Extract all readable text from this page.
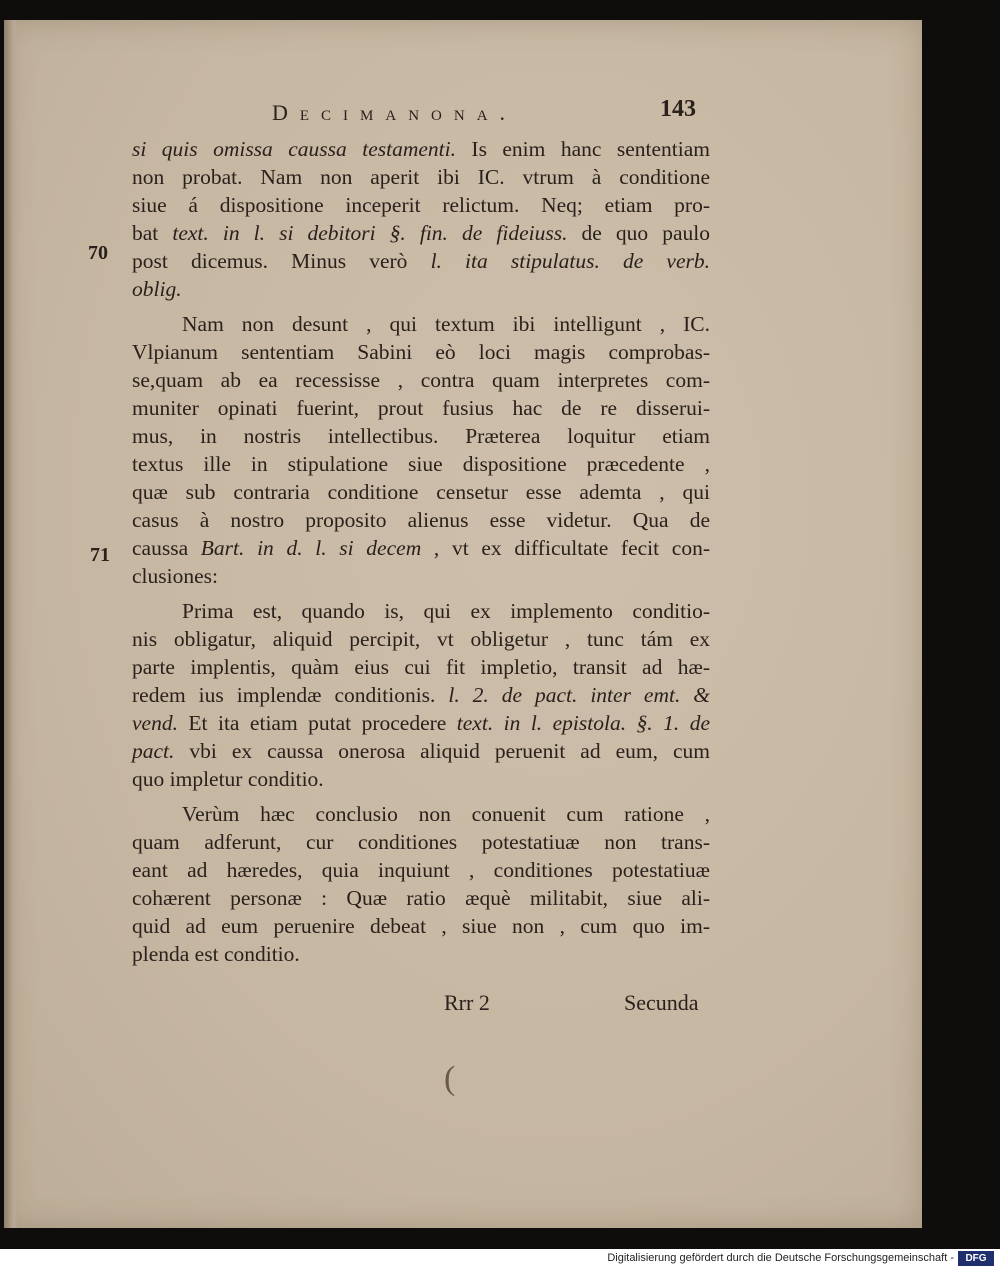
Decimanona.	143
70
71
si quis omissa caussa testamenti. Is enim hanc sententiam
non probat. Nam non aperit ibi IC. vtrum à conditione
siue á dispositione inceperit relictum. Neq; etiam pro-
bat text. in l. si debitori §. fin. de fideiuss. de quo paulo
post dicemus. Minus verò l. ita stipulatus. de verb.
oblig.
Nam non desunt , qui textum ibi intelligunt , IC.
Vlpianum sententiam Sabini eò loci magis comprobas-
se,quam ab ea recessisse , contra quam interpretes com-
muniter opinati fuerint, prout fusius hac de re disserui-
mus, in nostris intellectibus. Præterea loquitur etiam
textus ille in stipulatione siue dispositione præcedente ,
quæ sub contraria conditione censetur esse ademta , qui
casus à nostro proposito alienus esse videtur. Qua de
caussa Bart. in d. l. si decem , vt ex difficultate fecit con-
clusiones:
Prima est, quando is, qui ex implemento conditio-
nis obligatur, aliquid percipit, vt obligetur , tunc tám ex
parte implentis, quàm eius cui fit impletio, transit ad hæ-
redem ius implendæ conditionis. l. 2. de pact. inter emt. &
vend. Et ita etiam putat procedere text. in l. epistola. §. 1. de
pact. vbi ex caussa onerosa aliquid peruenit ad eum, cum
quo impletur conditio.
Verùm hæc conclusio non conuenit cum ratione ,
quam adferunt, cur conditiones potestatiuæ non trans-
eant ad hæredes, quia inquiunt , conditiones potestatiuæ
cohærent personæ : Quæ ratio æquè militabit, siue ali-
quid ad eum peruenire debeat , siue non , cum quo im-
plenda est conditio.
Rrr 2	Secunda
(
Digitalisierung gefördert durch die Deutsche Forschungsgemeinschaft -	DFG
